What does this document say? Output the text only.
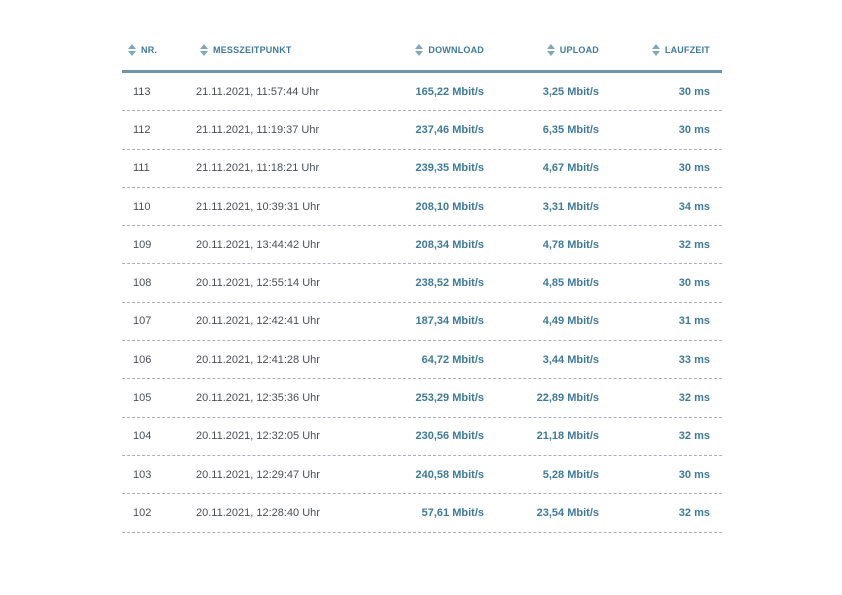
NR.	MESSZEITPUNKT	DOWNLOAD	UPLOAD	LAUFZEIT
113	21.11.2021, 11:57:44 Uhr	165,22 Mbit/s	3,25 Mbit/s	30 ms
112	21.11.2021, 11:19:37 Uhr	237,46 Mbit/s	6,35 Mbit/s	30 ms
111	21.11.2021, 11:18:21 Uhr	239,35 Mbit/s	4,67 Mbit/s	30 ms
110	21.11.2021, 10:39:31 Uhr	208,10 Mbit/s	3,31 Mbit/s	34 ms
109	20.11.2021, 13:44:42 Uhr	208,34 Mbit/s	4,78 Mbit/s	32 ms
108	20.11.2021, 12:55:14 Uhr	238,52 Mbit/s	4,85 Mbit/s	30 ms
107	20.11.2021, 12:42:41 Uhr	187,34 Mbit/s	4,49 Mbit/s	31 ms
106	20.11.2021, 12:41:28 Uhr	64,72 Mbit/s	3,44 Mbit/s	33 ms
105	20.11.2021, 12:35:36 Uhr	253,29 Mbit/s	22,89 Mbit/s	32 ms
104	20.11.2021, 12:32:05 Uhr	230,56 Mbit/s	21,18 Mbit/s	32 ms
103	20.11.2021, 12:29:47 Uhr	240,58 Mbit/s	5,28 Mbit/s	30 ms
102	20.11.2021, 12:28:40 Uhr	57,61 Mbit/s	23,54 Mbit/s	32 ms
